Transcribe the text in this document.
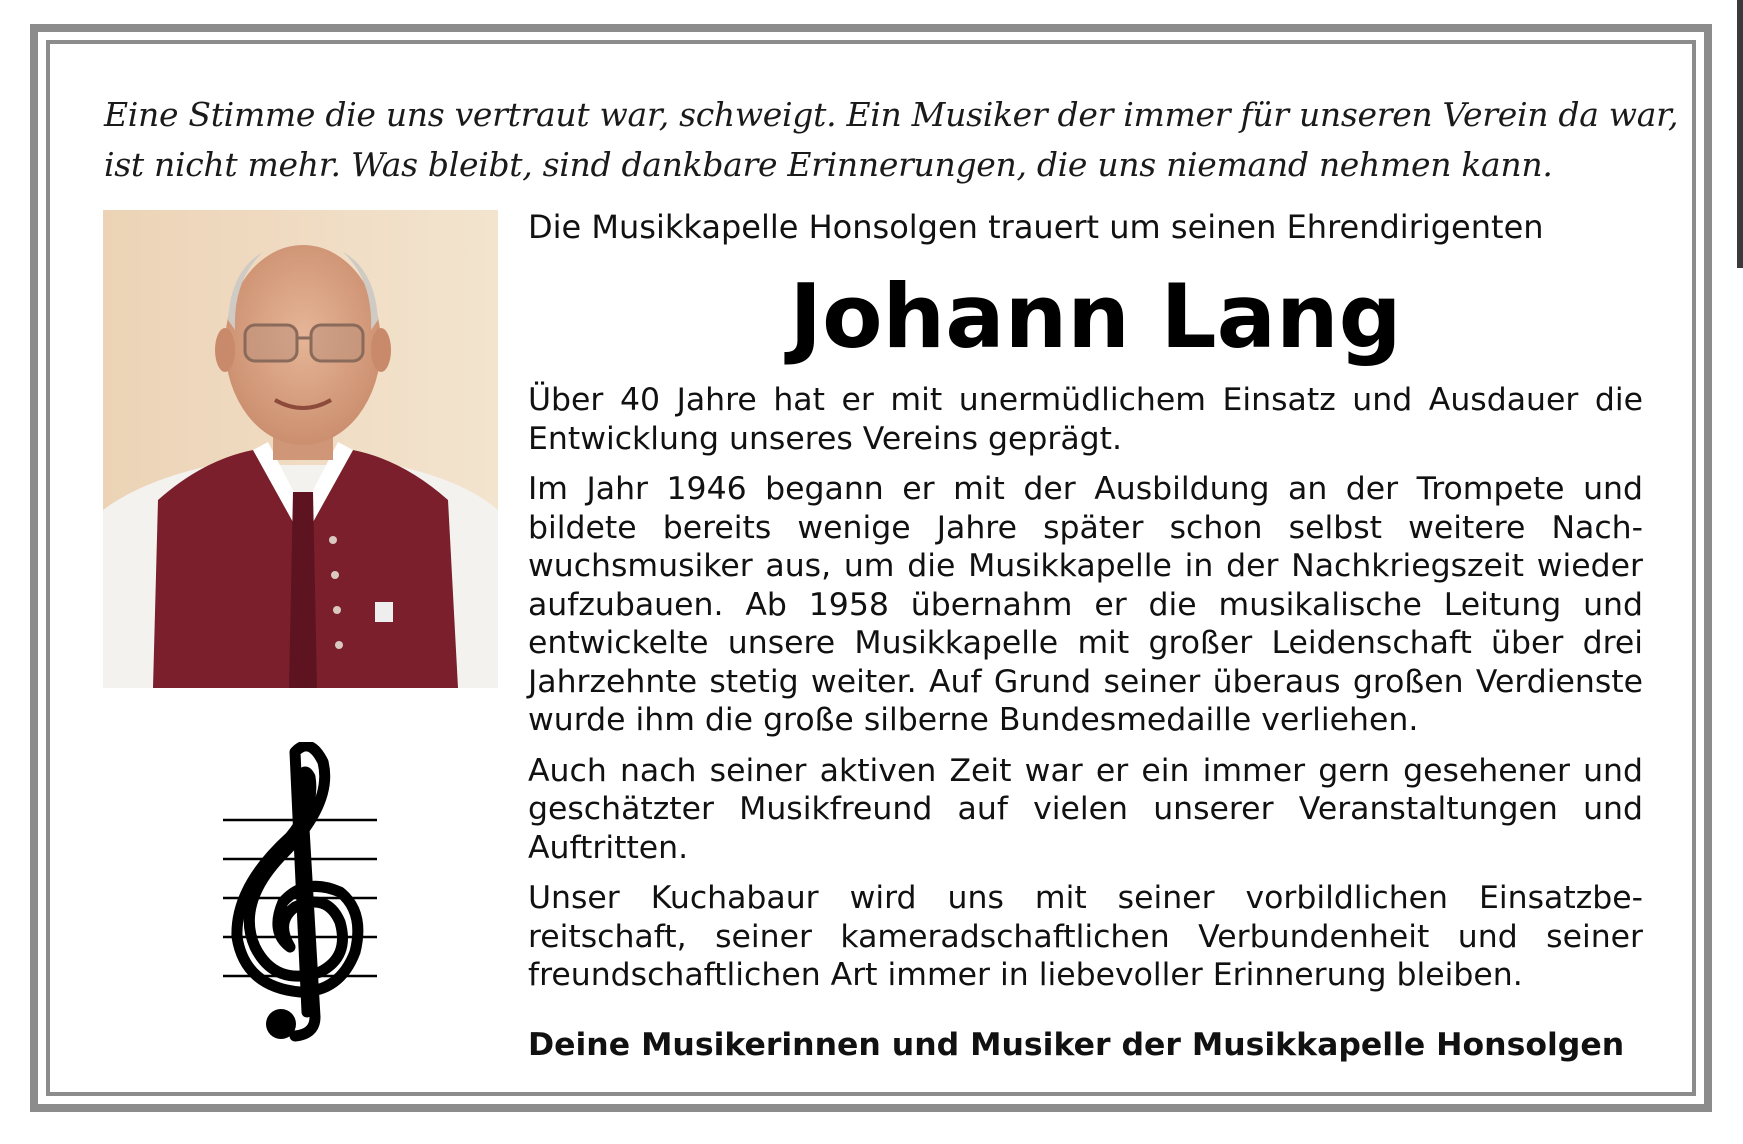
Eine Stimme die uns vertraut war, schweigt. Ein Musiker der immer für unseren Verein da war,
ist nicht mehr. Was bleibt, sind dankbare Erinnerungen, die uns niemand nehmen kann.

Die Musikkapelle Honsolgen trauert um seinen Ehrendirigenten

Johann Lang

Über 40 Jahre hat er mit unermüdlichem Einsatz und Ausdauer die Entwicklung unseres Vereins geprägt.

Im Jahr 1946 begann er mit der Ausbildung an der Trompete und bildete bereits wenige Jahre später schon selbst weitere Nachwuchsmusiker aus, um die Musikkapelle in der Nachkriegszeit wieder aufzubauen. Ab 1958 übernahm er die musikalische Leitung und entwickelte unsere Musikkapelle mit großer Leidenschaft über drei Jahrzehnte stetig weiter. Auf Grund seiner überaus großen Verdienste wurde ihm die große silberne Bundesmedaille verliehen.

Auch nach seiner aktiven Zeit war er ein immer gern gesehener und geschätzter Musikfreund auf vielen unserer Veranstaltungen und Auftritten.

Unser Kuchabaur wird uns mit seiner vorbildlichen Einsatzbereitschaft, seiner kameradschaftlichen Verbundenheit und seiner freundschaftlichen Art immer in liebevoller Erinnerung bleiben.

Deine Musikerinnen und Musiker der Musikkapelle Honsolgen
